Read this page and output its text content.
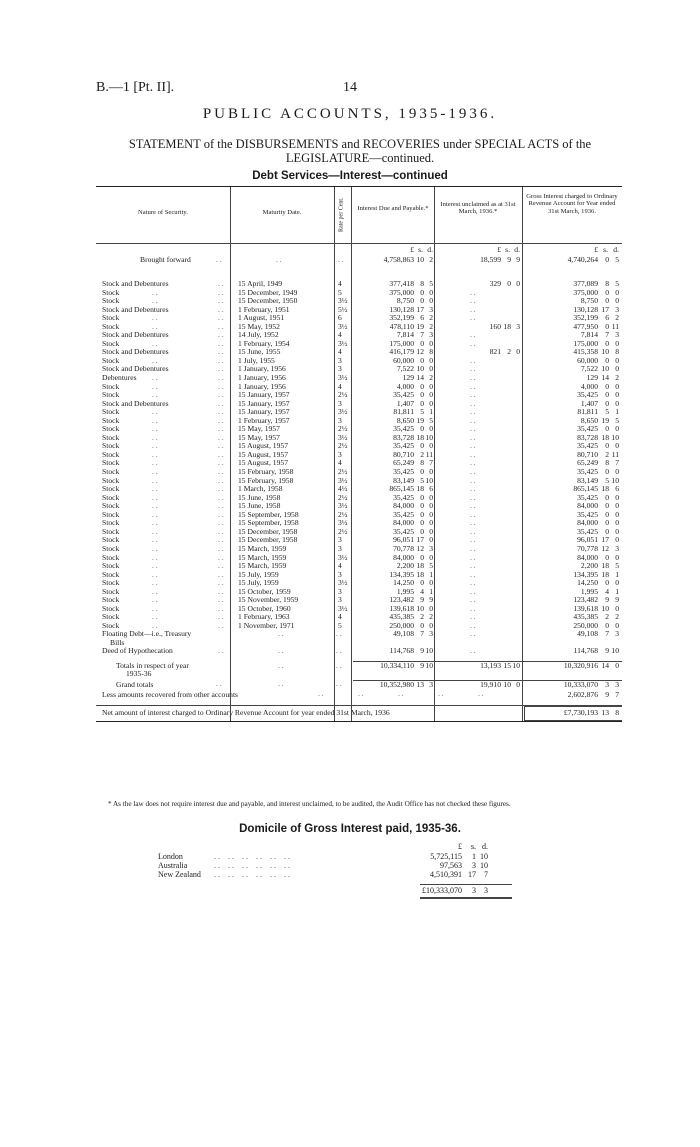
B.—1 [Pt. II].	14
PUBLIC ACCOUNTS, 1935-1936.
STATEMENT of the DISBURSEMENTS and RECOVERIES under SPECIAL ACTS of the LEGISLATURE—continued.
Debt Services—Interest—continued
Nature of Security.	Maturity Date.	Rate per Cent.	Interest Due and Payable.*
Interest unclaimed as at 31st March, 1936.*
Gross Interest charged to Ordinary Revenue Account for Year ended 31st March, 1936.
£ s. d.	£ s. d.	£ s. d.
Brought forward	. .	. .	. .	4,758,863 10 2	18,599 9 9	4,740,264 0 5
Stock and Debentures	. . 15 April, 1949	4	377,418 8 5	329 0 0	377,089 8 5
Stock	. .	. . 15 December, 1949	5	375,000 0 0	. .	375,000 0 0
Stock	. .	. . 15 December, 1950	3½	8,750 0 0	. .	8,750 0 0
Stock and Debentures	. . 1 February, 1951	5½	130,128 17 3	. .	130,128 17 3
Stock	. .	. . 1 August, 1951	6	352,199 6 2	. .	352,199 6 2
Stock	. .	. . 15 May, 1952	3½	478,110 19 2	160 18 3	477,950 0 11
Stock and Debentures	. . 14 July, 1952	4	7,814 7 3	. .	7,814 7 3
Stock	. .	. . 1 February, 1954	3½	175,000 0 0	. .	175,000 0 0
Stock and Debentures	. . 15 June, 1955	4	416,179 12 8	821 2 0	415,358 10 8
Stock	. .	. . 1 July, 1955	3	60,000 0 0	. .	60,000 0 0
Stock and Debentures	. . 1 January, 1956	3	7,522 10 0	. .	7,522 10 0
Debentures . .	. . 1 January, 1956	3½	129 14 2	. .	129 14 2
Stock	. .	. . 1 January, 1956	4	4,000 0 0	. .	4,000 0 0
Stock	. .	. . 15 January, 1957	2½	35,425 0 0	. .	35,425 0 0
Stock and Debentures	. . 15 January, 1957	3	1,407 0 0	. .	1,407 0 0
Stock	. .	. . 15 January, 1957	3½	81,811 5 1	. .	81,811 5 1
Stock	. .	. . 1 February, 1957	3	8,650 19 5	. .	8,650 19 5
Stock	. .	. . 15 May, 1957	2½	35,425 0 0	. .	35,425 0 0
Stock	. .	. . 15 May, 1957	3½	83,728 18 10	. .	83,728 18 10
Stock	. .	. . 15 August, 1957	2½	35,425 0 0	. .	35,425 0 0
Stock	. .	. . 15 August, 1957	3	80,710 2 11	. .	80,710 2 11
Stock	. .	. . 15 August, 1957	4	65,249 8 7	. .	65,249 8 7
Stock	. .	. . 15 February, 1958	2½	35,425 0 0	. .	35,425 0 0
Stock	. .	. . 15 February, 1958	3½	83,149 5 10	. .	83,149 5 10
Stock	. .	. . 1 March, 1958	4½	865,145 18 6	. .	865,145 18 6
Stock	. .	. . 15 June, 1958	2½	35,425 0 0	. .	35,425 0 0
Stock	. .	. . 15 June, 1958	3½	84,000 0 0	. .	84,000 0 0
Stock	. .	. . 15 September, 1958	2½	35,425 0 0	. .	35,425 0 0
Stock	. .	. . 15 September, 1958	3½	84,000 0 0	. .	84,000 0 0
Stock	. .	. . 15 December, 1958	2½	35,425 0 0	. .	35,425 0 0
Stock	. .	. . 15 December, 1958	3	96,051 17 0	. .	96,051 17 0
Stock	. .	. . 15 March, 1959	3	70,778 12 3	. .	70,778 12 3
Stock	. .	. . 15 March, 1959	3½	84,000 0 0	. .	84,000 0 0
Stock	. .	. . 15 March, 1959	4	2,200 18 5	. .	2,200 18 5
Stock	. .	. . 15 July, 1959	3	134,395 18 1	. .	134,395 18 1
Stock	. .	. . 15 July, 1959	3½	14,250 0 0	. .	14,250 0 0
Stock	. .	. . 15 October, 1959	3	1,995 4 1	. .	1,995 4 1
Stock	. .	. . 15 November, 1959	3	123,482 9 9	. .	123,482 9 9
Stock	. .	. . 15 October, 1960	3½	139,618 10 0	. .	139,618 10 0
Stock	. .	. . 1 February, 1963	4	435,385 2 2	. .	435,385 2 2
Stock	. .	. . 1 November, 1971	5	250,000 0 0	. .	250,000 0 0
Floating Debt—i.e., Treasury
Bills
. .	. .	49,108 7 3	. .	49,108 7 3
Deed of Hypothecation	. .	. .	. .	114,768 9 10	. .	114,768 9 10
Totals in respect of year
1935-36
. .	. .	10,334,110 9 10	13,193 15 10	10,320,916 14 0
Grand totals	. .	. .	. .	10,352,980 13 3	19,910 10 0	10,333,070 3 3
Less amounts recovered from other accounts	. .	. .	. .	. .	. .	2,602,876 9 7
Net amount of interest charged to Ordinary Revenue Account for year ended 31st March, 1936	£7,730,193 13 8
* As the law does not require interest due and payable, and interest unclaimed, to be audited, the Audit Office has not checked these figures.
Domicile of Gross Interest paid, 1935-36.
£ s. d.
London	. .    . .    . .    . .    . .    . .	5,725,115 1 10
Australia	. .    . .    . .    . .    . .    . .	97,563 3 10
New Zealand . .    . .    . .    . .    . .    . .	4,510,391 17 7
£10,333,070 3 3
